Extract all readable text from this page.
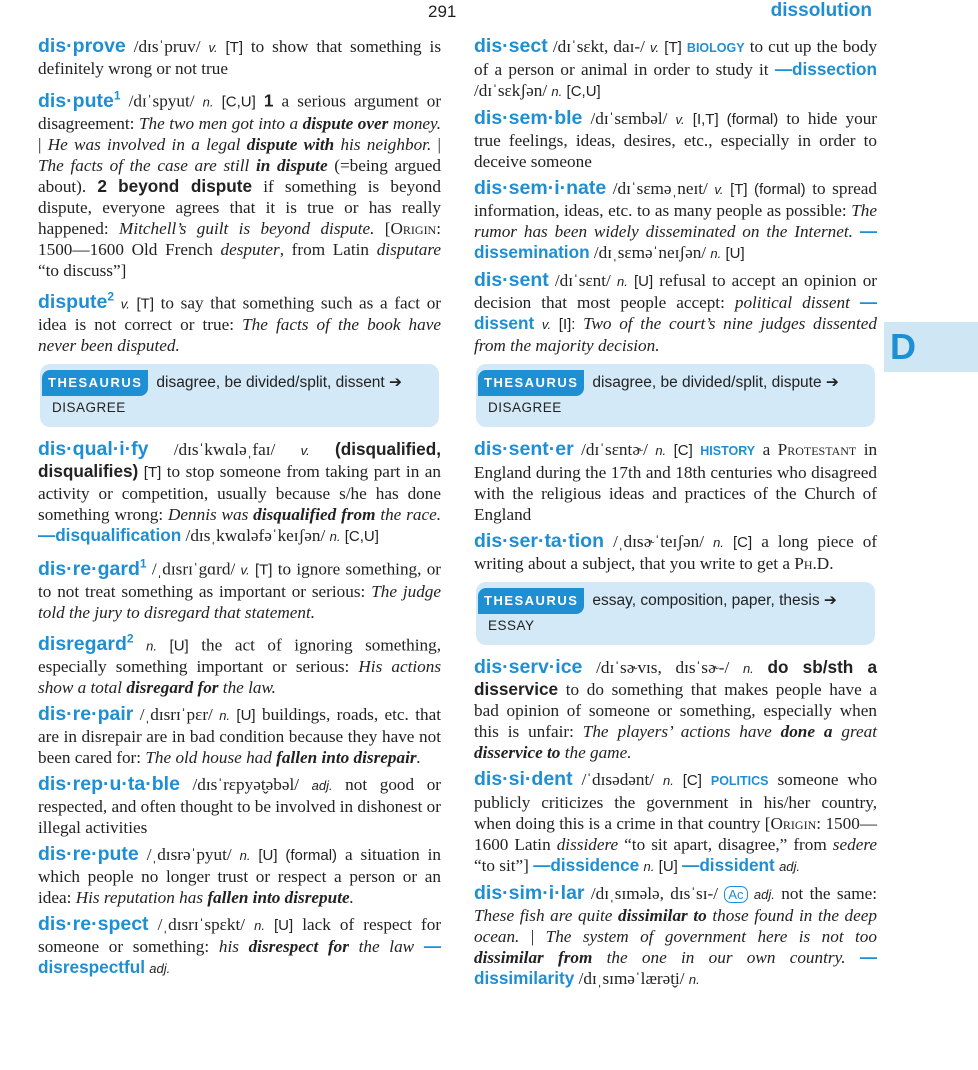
291	dissolution
D

dis·prove /dɪsˈpruv/ v. [T] to show that something is definitely wrong or not true

dis·pute$^1$ /dɪˈspyut/ n. [C,U] 1 a serious argument or disagreement: The two men got into a dispute over money. | He was involved in a legal dispute with his neighbor. | The facts of the case are still in dispute (=being argued about). 2 beyond dispute if something is beyond dispute, everyone agrees that it is true or has really happened: Mitchell’s guilt is beyond dispute. [Origin: 1500—1600 Old French desputer, from Latin disputare “to discuss”]

dispute$^2$ v. [T] to say that something such as a fact or idea is not correct or true: The facts of the book have never been disputed.

THESAURUS disagree, be divided/split, dissent ➔ DISAGREE

dis·qual·i·fy /dɪsˈkwɑləˌfaɪ/ v. (disqualified, disqualifies) [T] to stop someone from taking part in an activity or competition, usually because s/he has done something wrong: Dennis was disqualified from the race. —disqualification /dɪsˌkwɑləfəˈkeɪʃən/ n. [C,U]

dis·re·gard$^1$ /ˌdɪsrɪˈgɑrd/ v. [T] to ignore something, or to not treat something as important or serious: The judge told the jury to disregard that statement.

disregard$^2$ n. [U] the act of ignoring something, especially something important or serious: His actions show a total disregard for the law.

dis·re·pair /ˌdɪsrɪˈpɛr/ n. [U] buildings, roads, etc. that are in disrepair are in bad condition because they have not been cared for: The old house had fallen into disrepair.

dis·rep·u·ta·ble /dɪsˈrɛpyət̬əbəl/ adj. not good or respected, and often thought to be involved in dishonest or illegal activities

dis·re·pute /ˌdɪsrəˈpyut/ n. [U] (formal) a situation in which people no longer trust or respect a person or an idea: His reputation has fallen into disrepute.

dis·re·spect /ˌdɪsrɪˈspɛkt/ n. [U] lack of respect for someone or something: his disrespect for the law —disrespectful adj.

dis·sect /dɪˈsɛkt, daɪ-/ v. [T] BIOLOGY to cut up the body of a person or animal in order to study it —dissection /dɪˈsɛkʃən/ n. [C,U]

dis·sem·ble /dɪˈsɛmbəl/ v. [I,T] (formal) to hide your true feelings, ideas, desires, etc., especially in order to deceive someone

dis·sem·i·nate /dɪˈsɛməˌneɪt/ v. [T] (formal) to spread information, ideas, etc. to as many people as possible: The rumor has been widely disseminated on the Internet. —dissemination /dɪˌsɛməˈneɪʃən/ n. [U]

dis·sent /dɪˈsɛnt/ n. [U] refusal to accept an opinion or decision that most people accept: political dissent —dissent v. [I]: Two of the court’s nine judges dissented from the majority decision.

THESAURUS disagree, be divided/split, dispute ➔ DISAGREE

dis·sent·er /dɪˈsɛntɚ/ n. [C] HISTORY a Protestant in England during the 17th and 18th centuries who disagreed with the religious ideas and practices of the Church of England

dis·ser·ta·tion /ˌdɪsɚˈteɪʃən/ n. [C] a long piece of writing about a subject, that you write to get a Ph.D.

THESAURUS essay, composition, paper, thesis ➔ ESSAY

dis·serv·ice /dɪˈsɚvɪs, dɪsˈsɚ-/ n. do sb/sth a disservice to do something that makes people have a bad opinion of someone or something, especially when this is unfair: The players’ actions have done a great disservice to the game.

dis·si·dent /ˈdɪsədənt/ n. [C] POLITICS someone who publicly criticizes the government in his/her country, when doing this is a crime in that country [Origin: 1500—1600 Latin dissidere “to sit apart, disagree,” from sedere “to sit”] —dissidence n. [U] —dissident adj.

dis·sim·i·lar /dɪˌsɪmələ, dɪsˈsɪ-/ Ac adj. not the same: These fish are quite dissimilar to those found in the deep ocean. | The system of government here is not too dissimilar from the one in our own country. —dissimilarity /dɪˌsɪməˈlærət̬i/ n.
